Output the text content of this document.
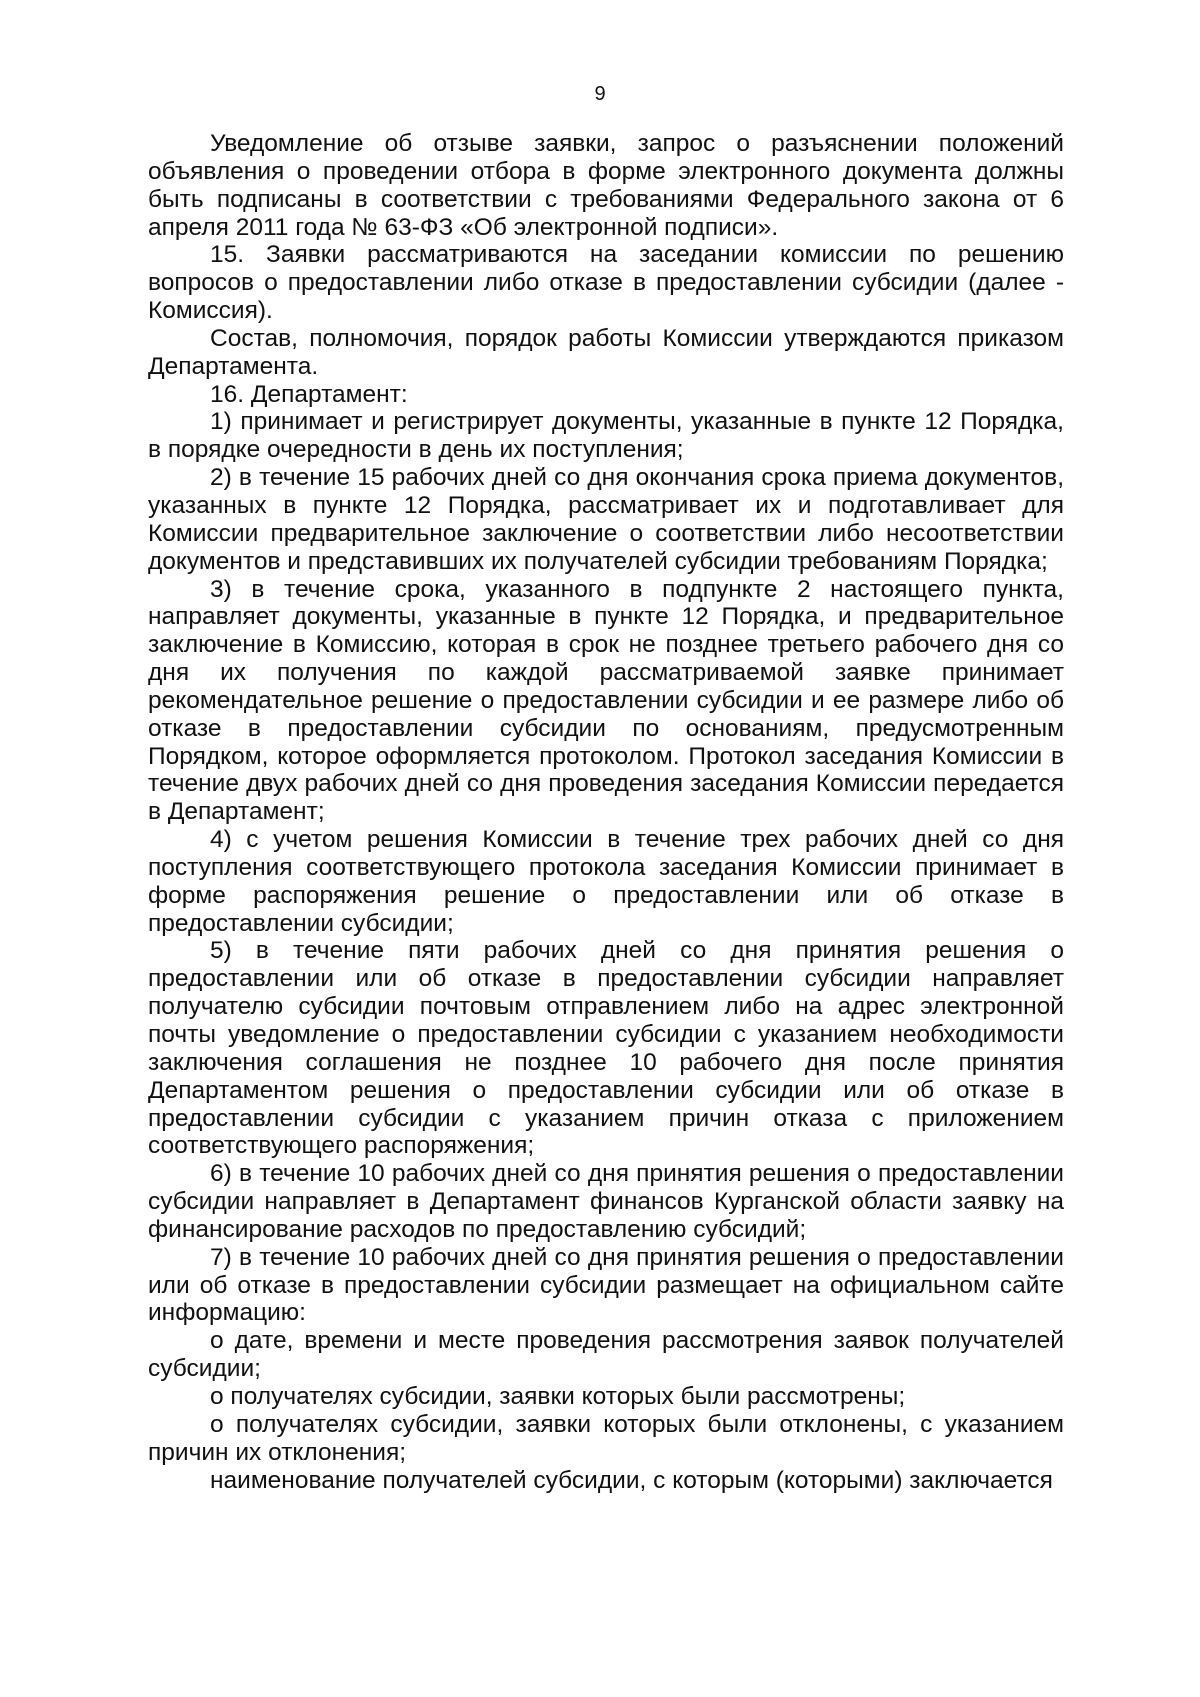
9

Уведомление об отзыве заявки, запрос о разъяснении положений объявления о проведении отбора в форме электронного документа должны быть подписаны в соответствии с требованиями Федерального закона от 6 апреля 2011 года № 63-ФЗ «Об электронной подписи».

15. Заявки рассматриваются на заседании комиссии по решению вопросов о предоставлении либо отказе в предоставлении субсидии (далее - Комиссия).

Состав, полномочия, порядок работы Комиссии утверждаются приказом Департамента.

16. Департамент:

1) принимает и регистрирует документы, указанные в пункте 12 Порядка, в порядке очередности в день их поступления;

2) в течение 15 рабочих дней со дня окончания срока приема документов, указанных в пункте 12 Порядка, рассматривает их и подготавливает для Комиссии предварительное заключение о соответствии либо несоответствии документов и представивших их получателей субсидии требованиям Порядка;

3) в течение срока, указанного в подпункте 2 настоящего пункта, направляет документы, указанные в пункте 12 Порядка, и предварительное заключение в Комиссию, которая в срок не позднее третьего рабочего дня со дня их получения по каждой рассматриваемой заявке принимает рекомендательное решение о предоставлении субсидии и ее размере либо об отказе в предоставлении субсидии по основаниям, предусмотренным Порядком, которое оформляется протоколом. Протокол заседания Комиссии в течение двух рабочих дней со дня проведения заседания Комиссии передается в Департамент;

4) с учетом решения Комиссии в течение трех рабочих дней со дня поступления соответствующего протокола заседания Комиссии принимает в форме распоряжения решение о предоставлении или об отказе в предоставлении субсидии;

5) в течение пяти рабочих дней со дня принятия решения о предоставлении или об отказе в предоставлении субсидии направляет получателю субсидии почтовым отправлением либо на адрес электронной почты уведомление о предоставлении субсидии с указанием необходимости заключения соглашения не позднее 10 рабочего дня после принятия Департаментом решения о предоставлении субсидии или об отказе в предоставлении субсидии с указанием причин отказа с приложением соответствующего распоряжения;

6) в течение 10 рабочих дней со дня принятия решения о предоставлении субсидии направляет в Департамент финансов Курганской области заявку на финансирование расходов по предоставлению субсидий;

7) в течение 10 рабочих дней со дня принятия решения о предоставлении или об отказе в предоставлении субсидии размещает на официальном сайте информацию:

о дате, времени и месте проведения рассмотрения заявок получателей субсидии;

о получателях субсидии, заявки которых были рассмотрены;

о получателях субсидии, заявки которых были отклонены, с указанием причин их отклонения;

наименование получателей субсидии, с которым (которыми) заключается
